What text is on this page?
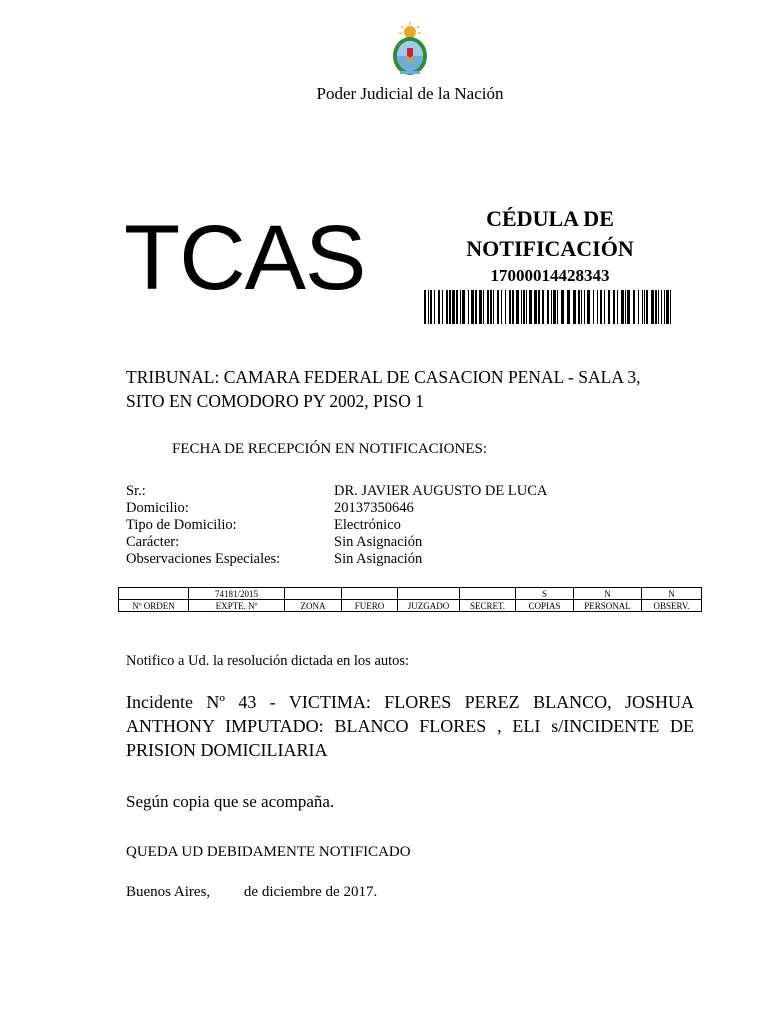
Poder Judicial de la Nación
TCAS	CÉDULA DE
NOTIFICACIÓN
17000014428343
TRIBUNAL: CAMARA FEDERAL DE CASACION PENAL - SALA 3,
SITO EN COMODORO PY 2002, PISO 1
FECHA DE RECEPCIÓN EN NOTIFICACIONES:
Sr.:	DR. JAVIER AUGUSTO DE LUCA
Domicilio:	20137350646
Tipo de Domicilio:	Electrónico
Carácter:	Sin Asignación
Observaciones Especiales:	Sin Asignación
	74181/2015					S	N	N
Nº ORDEN	EXPTE. Nº	ZONA	FUERO	JUZGADO	SECRET.	COPIAS	PERSONAL	OBSERV.
Notifico a Ud. la resolución dictada en los autos:
Incidente Nº 43 - VICTIMA: FLORES PEREZ BLANCO, JOSHUA ANTHONY IMPUTADO: BLANCO FLORES , ELI s/INCIDENTE DE PRISION DOMICILIARIA
Según copia que se acompaña.
QUEDA UD DEBIDAMENTE NOTIFICADO
Buenos Aires,         de diciembre de 2017.
